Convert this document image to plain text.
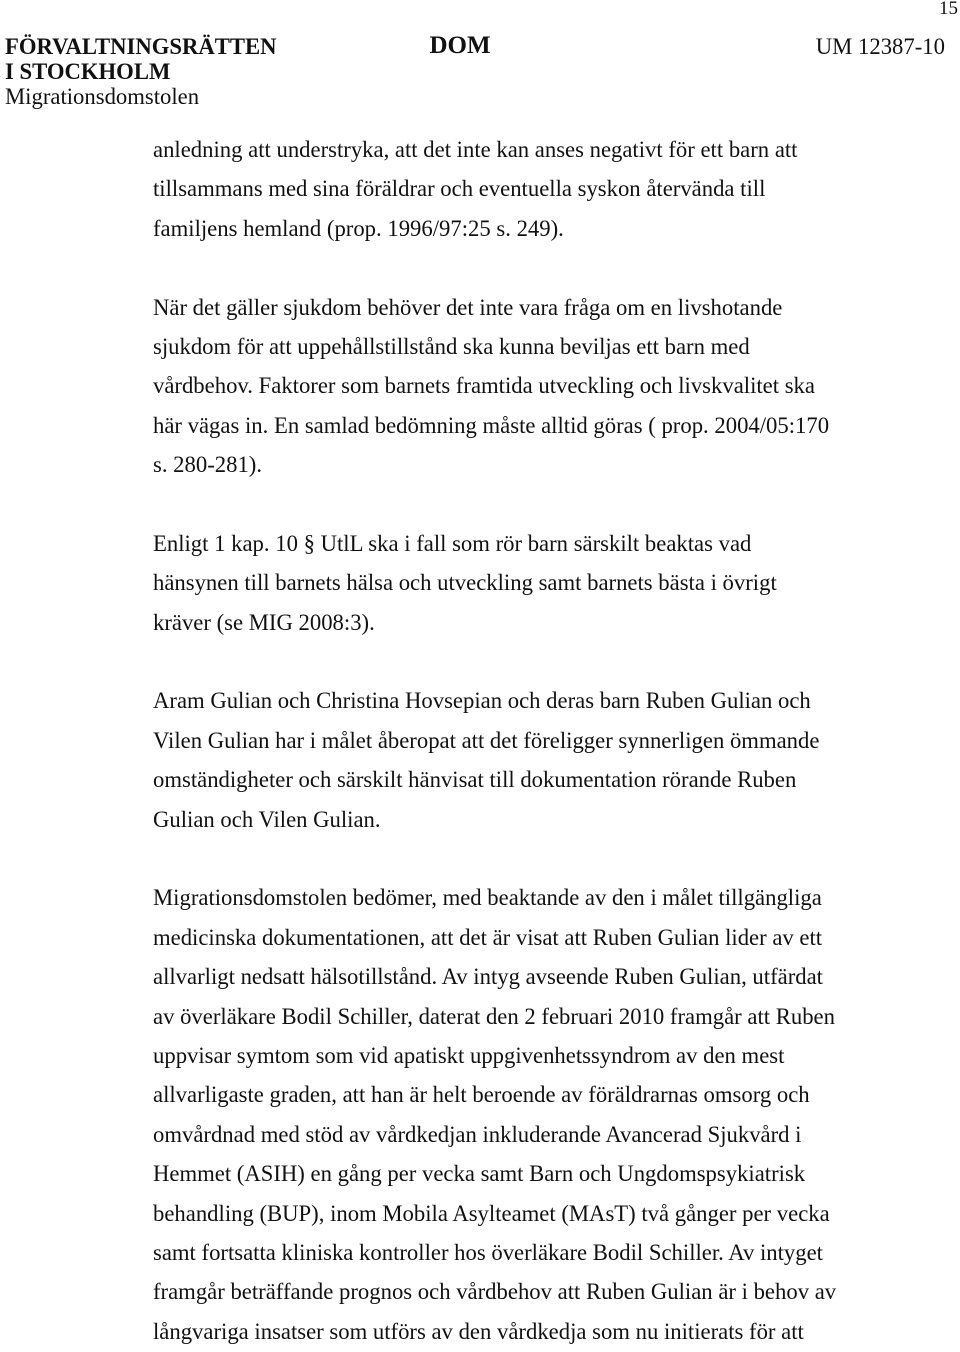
15
FÖRVALTNINGSRÄTTEN
I STOCKHOLM
Migrationsdomstolen
DOM	UM 12387-10
anledning att understryka, att det inte kan anses negativt för ett barn att
tillsammans med sina föräldrar och eventuella syskon återvända till
familjens hemland (prop. 1996/97:25 s. 249).
När det gäller sjukdom behöver det inte vara fråga om en livshotande
sjukdom för att uppehållstillstånd ska kunna beviljas ett barn med
vårdbehov. Faktorer som barnets framtida utveckling och livskvalitet ska
här vägas in. En samlad bedömning måste alltid göras ( prop. 2004/05:170
s. 280-281).
Enligt 1 kap. 10 § UtlL ska i fall som rör barn särskilt beaktas vad
hänsynen till barnets hälsa och utveckling samt barnets bästa i övrigt
kräver (se MIG 2008:3).
Aram Gulian och Christina Hovsepian och deras barn Ruben Gulian och
Vilen Gulian har i målet åberopat att det föreligger synnerligen ömmande
omständigheter och särskilt hänvisat till dokumentation rörande Ruben
Gulian och Vilen Gulian.
Migrationsdomstolen bedömer, med beaktande av den i målet tillgängliga
medicinska dokumentationen, att det är visat att Ruben Gulian lider av ett
allvarligt nedsatt hälsotillstånd. Av intyg avseende Ruben Gulian, utfärdat
av överläkare Bodil Schiller, daterat den 2 februari 2010 framgår att Ruben
uppvisar symtom som vid apatiskt uppgivenhetssyndrom av den mest
allvarligaste graden, att han är helt beroende av föräldrarnas omsorg och
omvårdnad med stöd av vårdkedjan inkluderande Avancerad Sjukvård i
Hemmet (ASIH) en gång per vecka samt Barn och Ungdomspsykiatrisk
behandling (BUP), inom Mobila Asylteamet (MAsT) två gånger per vecka
samt fortsatta kliniska kontroller hos överläkare Bodil Schiller. Av intyget
framgår beträffande prognos och vårdbehov att Ruben Gulian är i behov av
långvariga insatser som utförs av den vårdkedja som nu initierats för att
